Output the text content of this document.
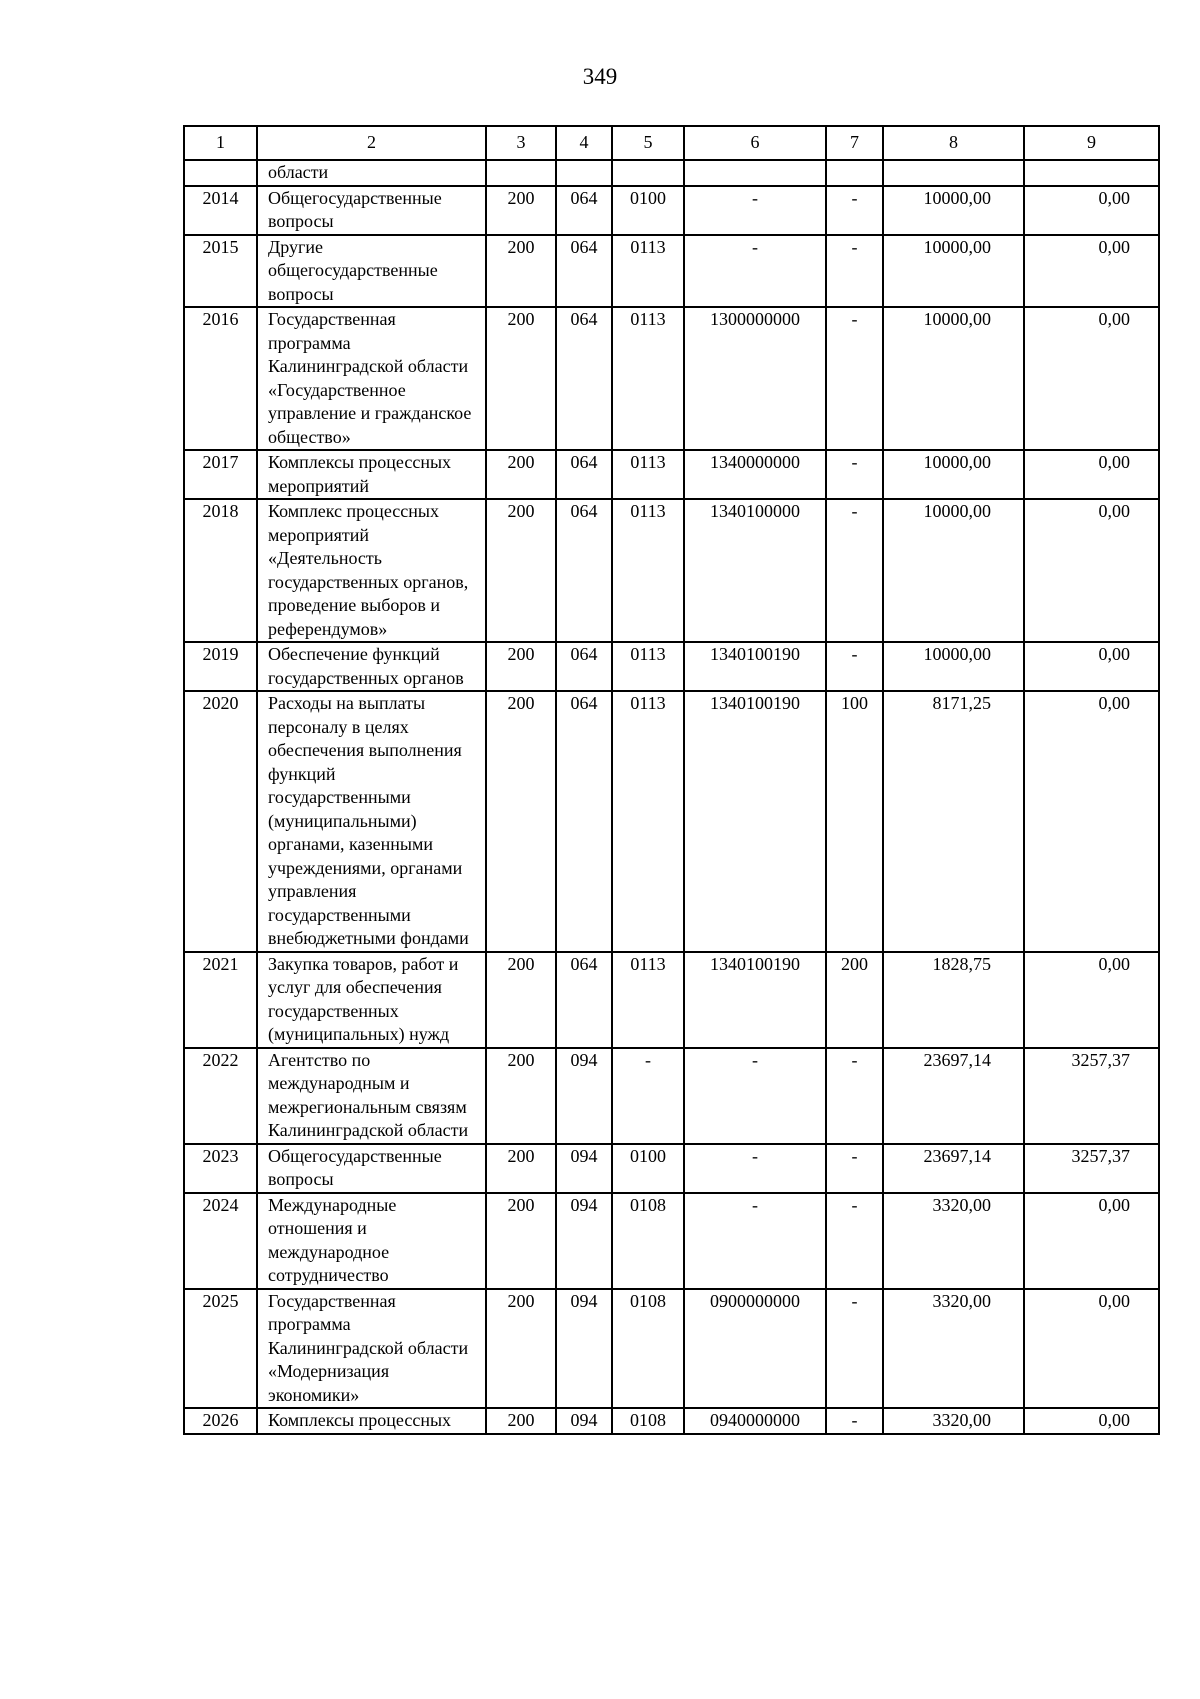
349
1	2	3	4	5	6	7	8	9
	области							
2014	Общегосударственные вопросы	200	064	0100	-	-	10000,00	0,00
2015	Другие общегосударственные вопросы	200	064	0113	-	-	10000,00	0,00
2016	Государственная программа Калининградской области «Государственное управление и гражданское общество»	200	064	0113	1300000000	-	10000,00	0,00
2017	Комплексы процессных мероприятий	200	064	0113	1340000000	-	10000,00	0,00
2018	Комплекс процессных мероприятий «Деятельность государственных органов, проведение выборов и референдумов»	200	064	0113	1340100000	-	10000,00	0,00
2019	Обеспечение функций государственных органов	200	064	0113	1340100190	-	10000,00	0,00
2020	Расходы на выплаты персоналу в целях обеспечения выполнения функций государственными (муниципальными) органами, казенными учреждениями, органами управления государственными внебюджетными фондами	200	064	0113	1340100190	100	8171,25	0,00
2021	Закупка товаров, работ и услуг для обеспечения государственных (муниципальных) нужд	200	064	0113	1340100190	200	1828,75	0,00
2022	Агентство по международным и межрегиональным связям Калининградской области	200	094	-	-	-	23697,14	3257,37
2023	Общегосударственные вопросы	200	094	0100	-	-	23697,14	3257,37
2024	Международные отношения и международное сотрудничество	200	094	0108	-	-	3320,00	0,00
2025	Государственная программа Калининградской области «Модернизация экономики»	200	094	0108	0900000000	-	3320,00	0,00
2026	Комплексы процессных	200	094	0108	0940000000	-	3320,00	0,00
